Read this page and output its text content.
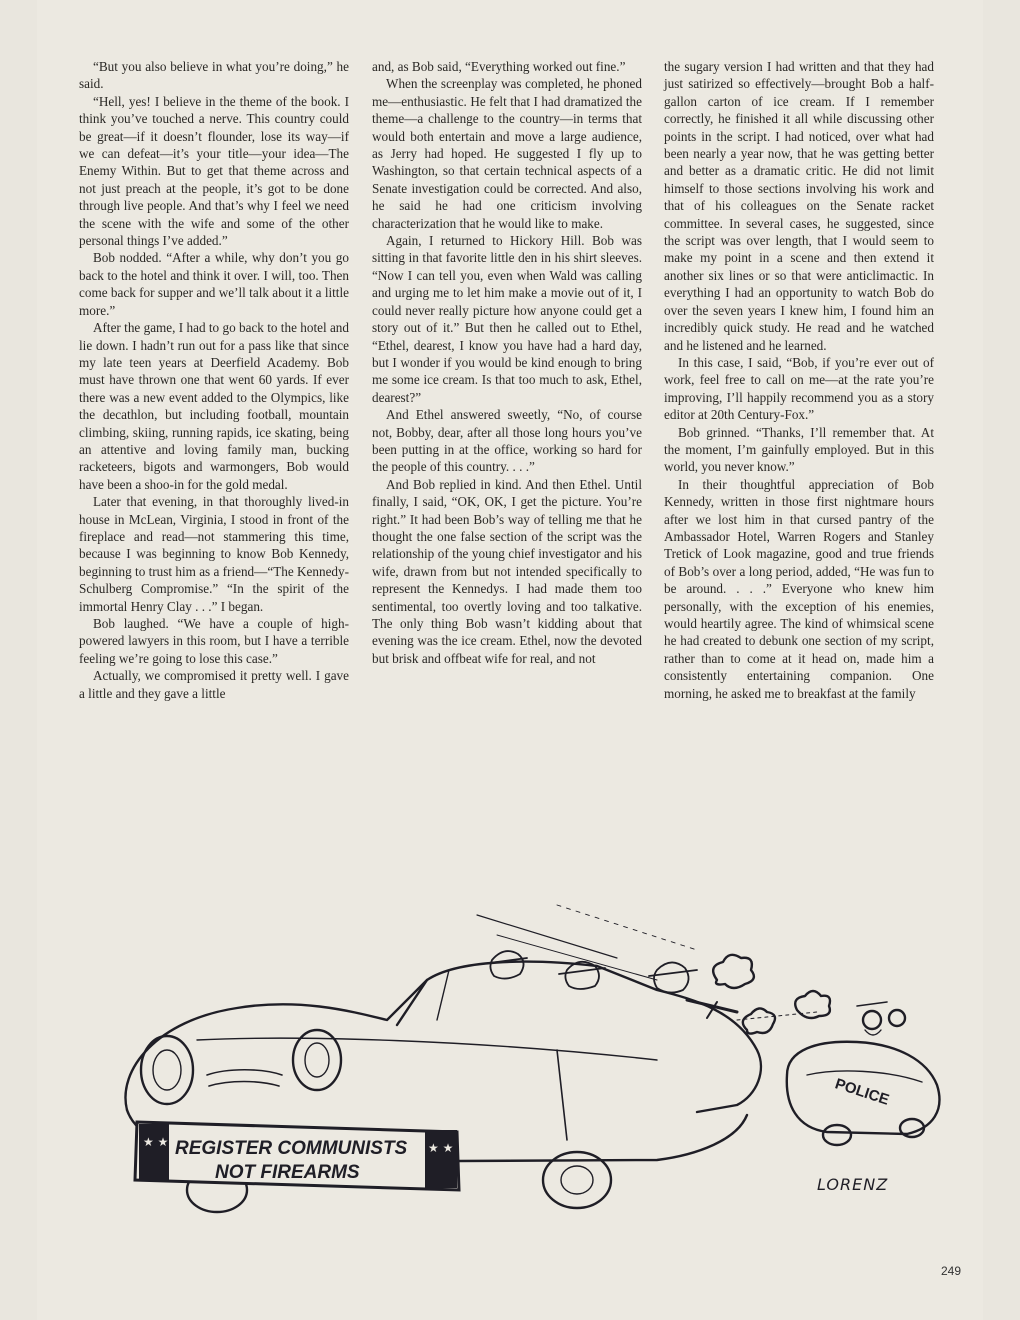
“But you also believe in what you’re doing,” he said.

“Hell, yes! I believe in the theme of the book. I think you’ve touched a nerve. This country could be great—if it doesn’t flounder, lose its way—if we can defeat—it’s your title—your idea—The Enemy Within. But to get that theme across and not just preach at the people, it’s got to be done through live people. And that’s why I feel we need the scene with the wife and some of the other personal things I’ve added.”

Bob nodded. “After a while, why don’t you go back to the hotel and think it over. I will, too. Then come back for supper and we’ll talk about it a little more.”

After the game, I had to go back to the hotel and lie down. I hadn’t run out for a pass like that since my late teen years at Deerfield Academy. Bob must have thrown one that went 60 yards. If ever there was a new event added to the Olympics, like the decathlon, but including football, mountain climbing, skiing, running rapids, ice skating, being an attentive and loving family man, bucking racketeers, bigots and warmongers, Bob would have been a shoo-in for the gold medal.

Later that evening, in that thoroughly lived-in house in McLean, Virginia, I stood in front of the fireplace and read—not stammering this time, because I was beginning to know Bob Kennedy, beginning to trust him as a friend—“The Kennedy-Schulberg Compromise.” “In the spirit of the immortal Henry Clay . . .” I began.

Bob laughed. “We have a couple of high-powered lawyers in this room, but I have a terrible feeling we’re going to lose this case.”

Actually, we compromised it pretty well. I gave a little and they gave a little

and, as Bob said, “Everything worked out fine.”

When the screenplay was completed, he phoned me—enthusiastic. He felt that I had dramatized the theme—a challenge to the country—in terms that would both entertain and move a large audience, as Jerry had hoped. He suggested I fly up to Washington, so that certain technical aspects of a Senate investigation could be corrected. And also, he said he had one criticism involving characterization that he would like to make.

Again, I returned to Hickory Hill. Bob was sitting in that favorite little den in his shirt sleeves. “Now I can tell you, even when Wald was calling and urging me to let him make a movie out of it, I could never really picture how anyone could get a story out of it.” But then he called out to Ethel, “Ethel, dearest, I know you have had a hard day, but I wonder if you would be kind enough to bring me some ice cream. Is that too much to ask, Ethel, dearest?”

And Ethel answered sweetly, “No, of course not, Bobby, dear, after all those long hours you’ve been putting in at the office, working so hard for the people of this country. . . .”

And Bob replied in kind. And then Ethel. Until finally, I said, “OK, OK, I get the picture. You’re right.” It had been Bob’s way of telling me that he thought the one false section of the script was the relationship of the young chief investigator and his wife, drawn from but not intended specifically to represent the Kennedys. I had made them too sentimental, too overtly loving and too talkative. The only thing Bob wasn’t kidding about that evening was the ice cream. Ethel, now the devoted but brisk and offbeat wife for real, and not

the sugary version I had written and that they had just satirized so effectively—brought Bob a half-gallon carton of ice cream. If I remember correctly, he finished it all while discussing other points in the script. I had noticed, over what had been nearly a year now, that he was getting better and better as a dramatic critic. He did not limit himself to those sections involving his work and that of his colleagues on the Senate racket committee. In several cases, he suggested, since the script was over length, that I would seem to make my point in a scene and then extend it another six lines or so that were anticlimactic. In everything I had an opportunity to watch Bob do over the seven years I knew him, I found him an incredibly quick study. He read and he watched and he listened and he learned.

In this case, I said, “Bob, if you’re ever out of work, feel free to call on me—at the rate you’re improving, I’ll happily recommend you as a story editor at 20th Century-Fox.”

Bob grinned. “Thanks, I’ll remember that. At the moment, I’m gainfully employed. But in this world, you never know.”

In their thoughtful appreciation of Bob Kennedy, written in those first nightmare hours after we lost him in that cursed pantry of the Ambassador Hotel, Warren Rogers and Stanley Tretick of Look magazine, good and true friends of Bob’s over a long period, added, “He was fun to be around. . . .” Everyone who knew him personally, with the exception of his enemies, would heartily agree. The kind of whimsical scene he had created to debunk one section of my script, rather than to come at it head on, made him a consistently entertaining companion. One morning, he asked me to breakfast at the family

POLICE
★ ★	★ ★
REGISTER COMMUNISTS
NOT FIREARMS
LORENZ
249
